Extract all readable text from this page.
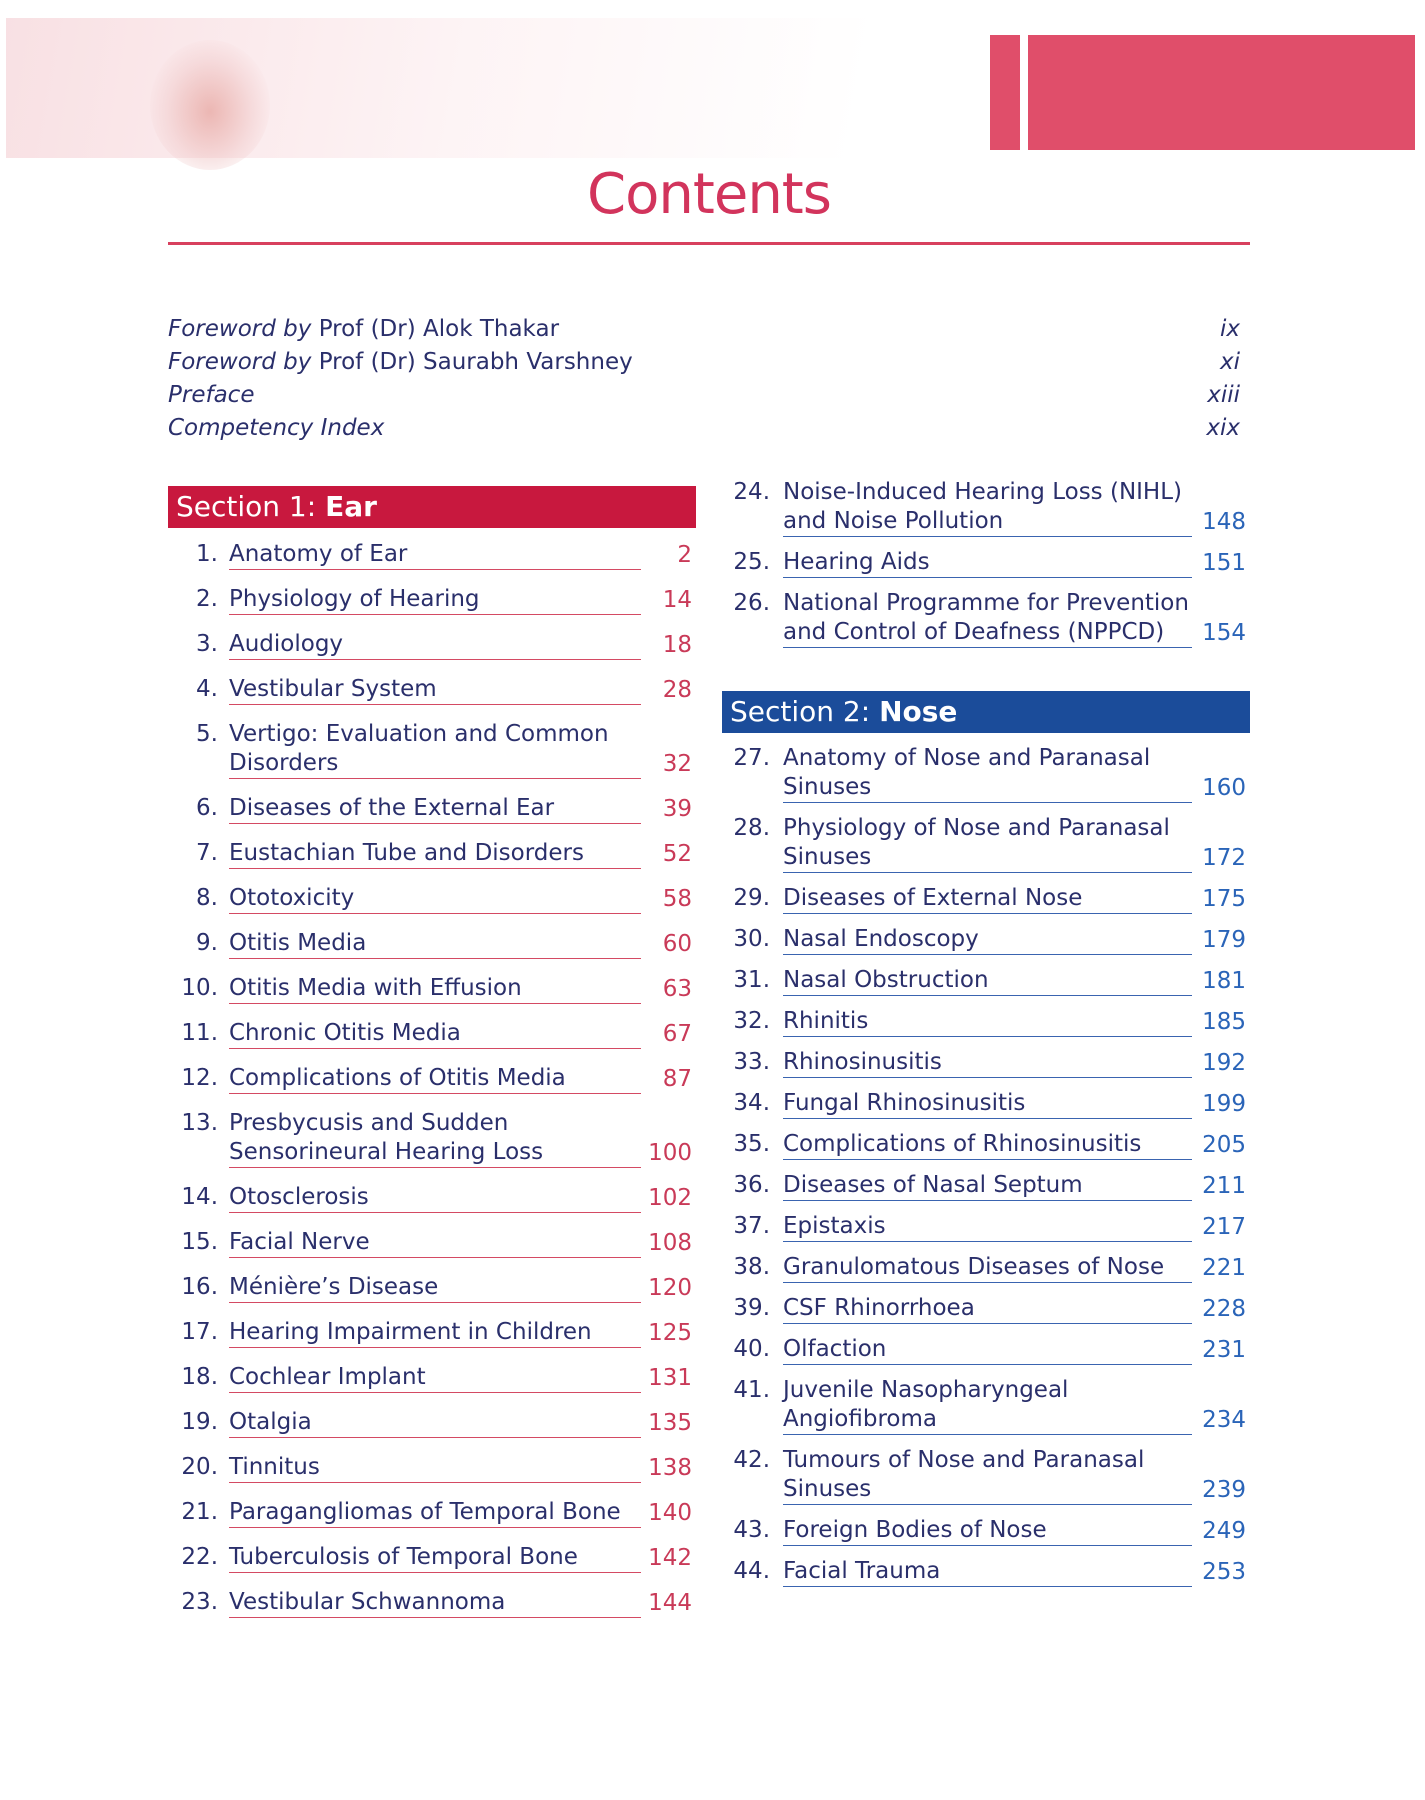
Contents
Foreword by Prof (Dr) Alok Thakar	ix
Foreword by Prof (Dr) Saurabh Varshney	xi
Preface	xiii
Competency Index	xix
Section 1: Ear
Section 2: Nose
1. Anatomy of Ear	2
2. Physiology of Hearing	14
3. Audiology	18
4. Vestibular System	28
5. Vertigo: Evaluation and Common
Disorders	32
6. Diseases of the External Ear	39
7. Eustachian Tube and Disorders	52
8. Ototoxicity	58
9. Otitis Media	60
10. Otitis Media with Effusion	63
11. Chronic Otitis Media	67
12. Complications of Otitis Media	87
13. Presbycusis and Sudden
Sensorineural Hearing Loss	100
14. Otosclerosis	102
15. Facial Nerve	108
16. Ménière’s Disease	120
17. Hearing Impairment in Children	125
18. Cochlear Implant	131
19. Otalgia	135
20. Tinnitus	138
21. Paragangliomas of Temporal Bone	140
22. Tuberculosis of Temporal Bone	142
23. Vestibular Schwannoma	144
24. Noise-Induced Hearing Loss (NIHL)
and Noise Pollution	148
25. Hearing Aids	151
26. National Programme for Prevention
and Control of Deafness (NPPCD)	154
27. Anatomy of Nose and Paranasal
Sinuses	160
28. Physiology of Nose and Paranasal
Sinuses	172
29. Diseases of External Nose	175
30. Nasal Endoscopy	179
31. Nasal Obstruction	181
32. Rhinitis	185
33. Rhinosinusitis	192
34. Fungal Rhinosinusitis	199
35. Complications of Rhinosinusitis	205
36. Diseases of Nasal Septum	211
37. Epistaxis	217
38. Granulomatous Diseases of Nose	221
39. CSF Rhinorrhoea	228
40. Olfaction	231
41. Juvenile Nasopharyngeal
Angiofibroma	234
42. Tumours of Nose and Paranasal
Sinuses	239
43. Foreign Bodies of Nose	249
44. Facial Trauma	253
